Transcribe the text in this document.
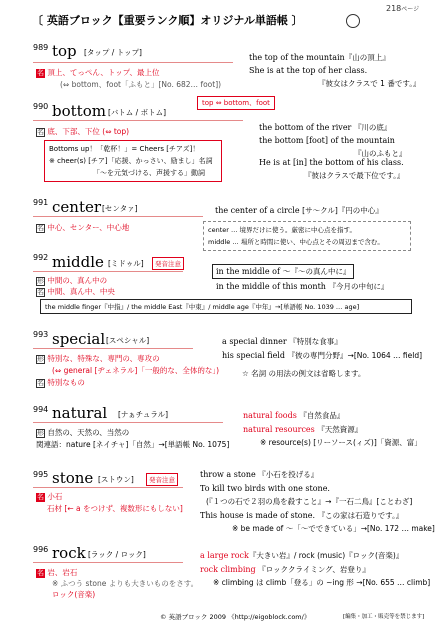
〔 英語ブロック【重要ランク順】オリジナル単語帳 〕
218ページ
989 top [タップ / トップ]
名 頂上、てっぺん、トップ、最上位
(⇔ bottom、foot「ふもと」[No. 682… foot])
the top of the mountain『山の頂上』
She is at the top of her class.
『彼女はクラスで 1 番です。』
990 bottom [バトム / ボトム]
top ⇔ bottom、foot
名 底、下部、下位 (⇔ top)
Bottoms up！「乾杯！」= Cheers [チアズ]！
※ cheer(s) [チア]「応援、かっさい、励まし」名詞
「～を元気づける、声援する」動詞
the bottom of the river 『川の底』
the bottom [foot] of the mountain
『山のふもと』
He is at [in] the bottom of his class.
『彼はクラスで最下位です。』
991 center [センタァ]
名 中心、センター、中心地
the center of a circle [サ～クル]『円の中心』
center … 境界だけに使う。厳密に中心点を指す。
middle … 場所と時間に使い、中心点とその周辺まで含む。
992 middle [ミドゥル]	発音注意
形 中間の、真ん中の
名 中間、真ん中、中央
in the middle of ～『～の真ん中に』
in the middle of this month 『今月の中旬に』
the middle finger『中指』/ the middle East『中東』/ middle age『中年』→[単語帳 No. 1039 … age]
993 special [スペシャル]
形 特別な、特殊な、専門の、専攻の
(⇔ general [ヂェネラル]「一般的な、全体的な」)
名 特別なもの
a special dinner 『特別な食事』
his special field 『彼の専門分野』→[No. 1064 … field]
☆ 名詞 の用法の例文は省略します。
994 natural [ナぁチュラル]
形 自然の、天然の、当然の
関連語：nature [ネイチャ]「自然」→[単語帳 No. 1075]
natural foods 『自然食品』
natural resources 『天然資源』
※ resource(s) [リーソース(ィズ)]「資源、富」
995 stone [ストウン]	発音注意
名 小石
石材 [← a をつけず、複数形にもしない]
throw a stone 『小石を投げる』
To kill two birds with one stone.
(『１つの石で２羽の鳥を殺すこと』→『一石二鳥』[ことわざ]
This house is made of stone. 『この家は石造りです。』
※ be made of ～「～でできている」→[No. 172 … make]
996 rock [ラック / ロック]
名 岩、岩石
※ ふつう stone よりも大きいものをさす。
ロック(音楽)
a large rock『大きい岩』/ rock (music)『ロック(音楽)』
rock climbing 『ロッククライミング、岩登り』
※ climbing は climb「登る」の ~ing 形 →[No. 655 … climb]
© 英語ブロック 2009 《http://eigoblock.com/》	[編集・加工・販売等を禁じます]
